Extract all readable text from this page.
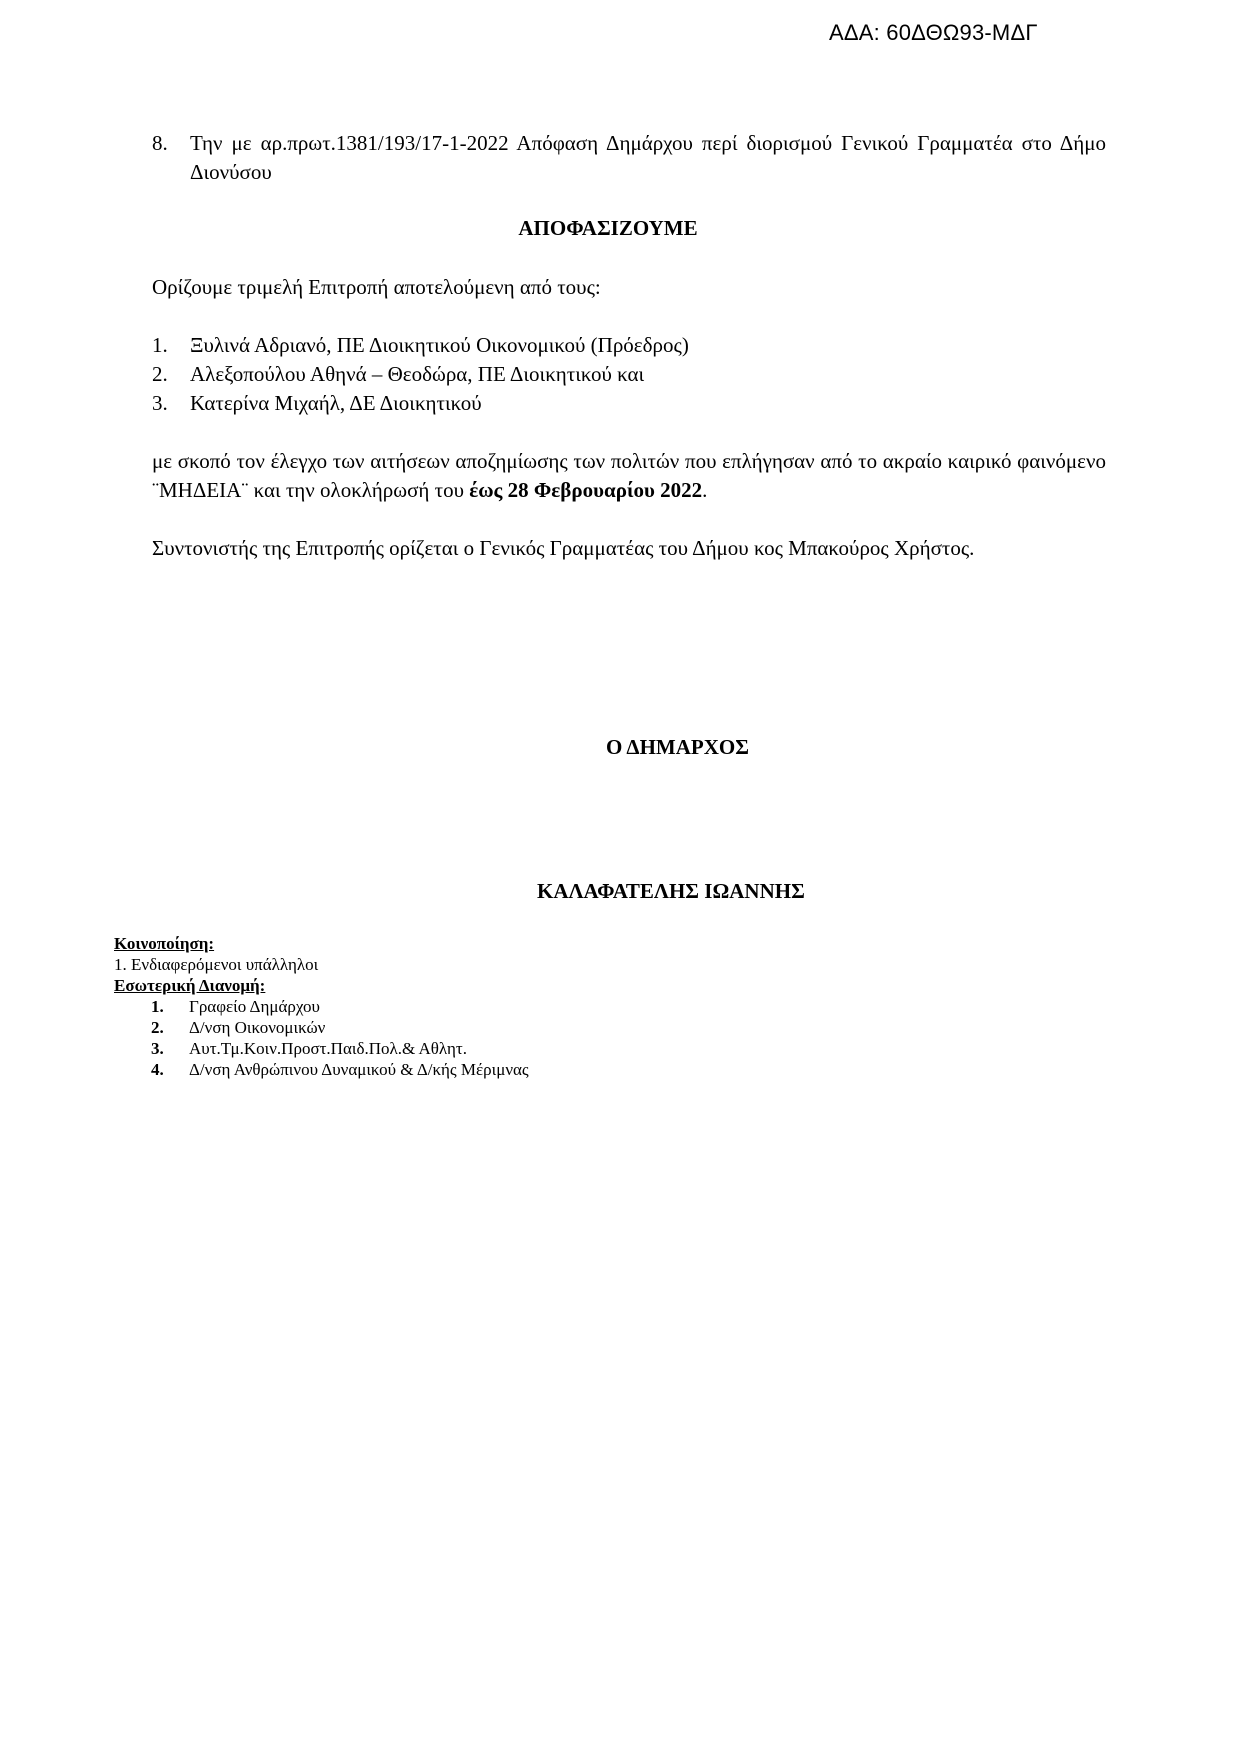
ΑΔΑ: 60ΔΘΩ93-ΜΔΓ
8.	Την με αρ.πρωτ.1381/193/17-1-2022 Απόφαση Δημάρχου περί διορισμού Γενικού Γραμματέα στο Δήμο Διονύσου
ΑΠΟΦΑΣΙΖΟΥΜΕ
Ορίζουμε τριμελή Επιτροπή αποτελούμενη από τους:
1.	Ξυλινά Αδριανό, ΠΕ Διοικητικού Οικονομικού (Πρόεδρος)
2.	Αλεξοπούλου Αθηνά – Θεοδώρα, ΠΕ Διοικητικού και
3.	Κατερίνα Μιχαήλ, ΔΕ Διοικητικού
με σκοπό τον έλεγχο των αιτήσεων αποζημίωσης των πολιτών που επλήγησαν από το ακραίο καιρικό φαινόμενο ¨ΜΗΔΕΙΑ¨ και την ολοκλήρωσή του έως 28 Φεβρουαρίου 2022.
Συντονιστής της Επιτροπής ορίζεται ο Γενικός Γραμματέας του Δήμου κος Μπακούρος Χρήστος.
Ο ΔΗΜΑΡΧΟΣ
ΚΑΛΑΦΑΤΕΛΗΣ ΙΩΑΝΝΗΣ
Κοινοποίηση:
1. Ενδιαφερόμενοι υπάλληλοι
Εσωτερική Διανομή:
1.	Γραφείο Δημάρχου
2.	Δ/νση Οικονομικών
3.	Αυτ.Τμ.Κοιν.Προστ.Παιδ.Πολ.& Αθλητ.
4.	Δ/νση Ανθρώπινου Δυναμικού & Δ/κής Μέριμνας
